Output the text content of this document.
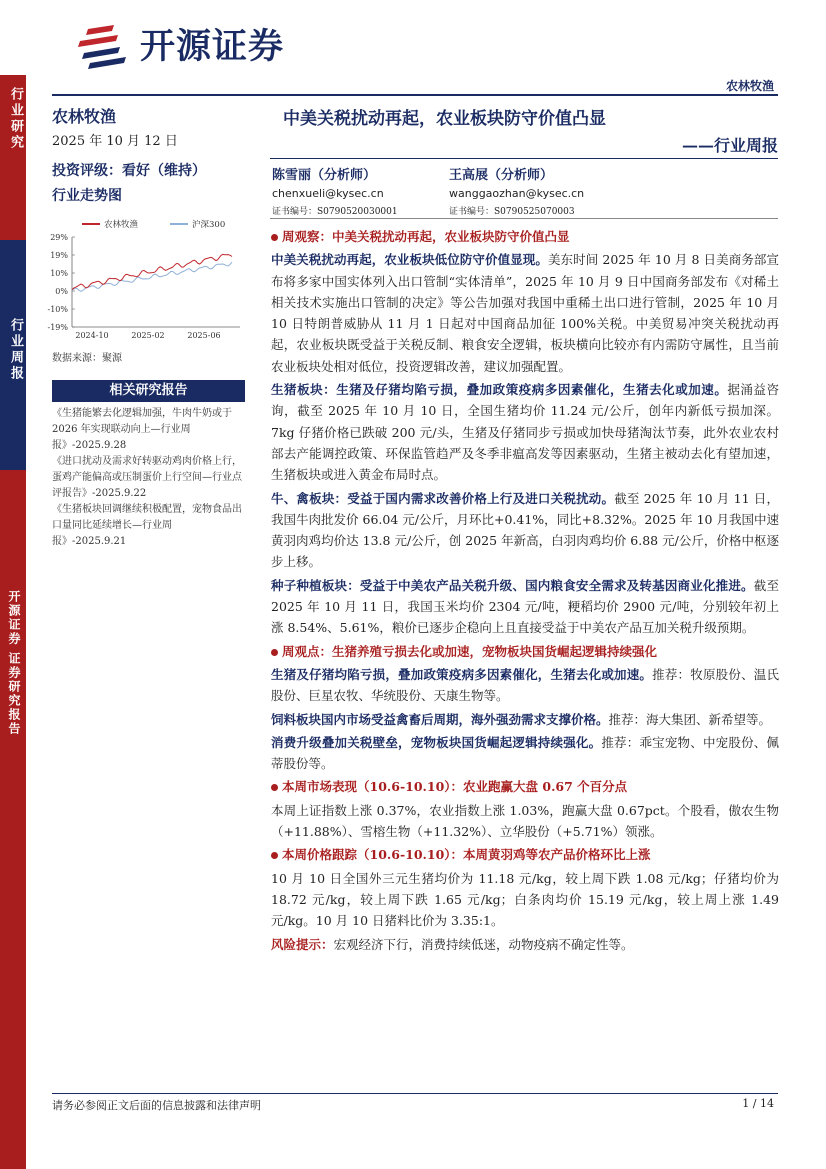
开源证券
农林牧渔
行业研究
行业周报
开源证券 证券研究报告
农林牧渔
2025 年 10 月 12 日
投资评级：看好（维持）
行业走势图
29%
19%
10%
0%
-10%
-19%
2024-10	2025-02	2025-06
农林牧渔	沪深300
数据来源：聚源
相关研究报告

《生猪能繁去化逻辑加强，牛肉牛奶或于 2026 年实现联动向上—行业周报》-2025.9.28

《进口扰动及需求好转驱动鸡肉价格上行，蛋鸡产能偏高或压制蛋价上行空间—行业点评报告》-2025.9.22

《生猪板块回调继续积极配置，宠物食品出口量同比延续增长—行业周报》-2025.9.21

中美关税扰动再起，农业板块防守价值凸显
——行业周报
陈雪丽（分析师）
chenxueli@kysec.cn
证书编号：S0790520030001
王高展（分析师）
wanggaozhan@kysec.cn
证书编号：S0790525070003

周观察：中美关税扰动再起，农业板块防守价值凸显

中美关税扰动再起，农业板块低位防守价值显现。美东时间 2025 年 10 月 8 日美商务部宣布将多家中国实体列入出口管制“实体清单”，2025 年 10 月 9 日中国商务部发布《对稀土相关技术实施出口管制的决定》等公告加强对我国中重稀土出口进行管制，2025 年 10 月 10 日特朗普威胁从 11 月 1 日起对中国商品加征 100%关税。中美贸易冲突关税扰动再起，农业板块既受益于关税反制、粮食安全逻辑，板块横向比较亦有内需防守属性，且当前农业板块处相对低位，投资逻辑改善，建议加强配置。

生猪板块：生猪及仔猪均陷亏损，叠加政策疫病多因素催化，生猪去化或加速。据涌益咨询，截至 2025 年 10 月 10 日，全国生猪均价 11.24 元/公斤，创年内新低亏损加深。7kg 仔猪价格已跌破 200 元/头，生猪及仔猪同步亏损或加快母猪淘汰节奏，此外农业农村部去产能调控政策、环保监管趋严及冬季非瘟高发等因素驱动，生猪主被动去化有望加速，生猪板块或进入黄金布局时点。

牛、禽板块：受益于国内需求改善价格上行及进口关税扰动。截至 2025 年 10 月 11 日，我国牛肉批发价 66.04 元/公斤，月环比+0.41%，同比+8.32%。2025 年 10 月我国中速黄羽肉鸡均价达 13.8 元/公斤，创 2025 年新高，白羽肉鸡均价 6.88 元/公斤，价格中枢逐步上移。

种子种植板块：受益于中美农产品关税升级、国内粮食安全需求及转基因商业化推进。截至 2025 年 10 月 11 日，我国玉米均价 2304 元/吨，粳稻均价 2900 元/吨，分别较年初上涨 8.54%、5.61%，粮价已逐步企稳向上且直接受益于中美农产品互加关税升级预期。

周观点：生猪养殖亏损去化或加速，宠物板块国货崛起逻辑持续强化

生猪及仔猪均陷亏损，叠加政策疫病多因素催化，生猪去化或加速。推荐：牧原股份、温氏股份、巨星农牧、华统股份、天康生物等。

饲料板块国内市场受益禽畜后周期，海外强劲需求支撑价格。推荐：海大集团、新希望等。

消费升级叠加关税壁垒，宠物板块国货崛起逻辑持续强化。推荐：乖宝宠物、中宠股份、佩蒂股份等。

本周市场表现（10.6-10.10）：农业跑赢大盘 0.67 个百分点

本周上证指数上涨 0.37%，农业指数上涨 1.03%，跑赢大盘 0.67pct。个股看，傲农生物（+11.88%）、雪榕生物（+11.32%）、立华股份（+5.71%）领涨。

本周价格跟踪（10.6-10.10）：本周黄羽鸡等农产品价格环比上涨

10 月 10 日全国外三元生猪均价为 11.18 元/kg，较上周下跌 1.08 元/kg；仔猪均价为 18.72 元/kg，较上周下跌 1.65 元/kg；白条肉均价 15.19 元/kg，较上周上涨 1.49 元/kg。10 月 10 日猪料比价为 3.35:1。

风险提示：宏观经济下行，消费持续低迷，动物疫病不确定性等。

请务必参阅正文后面的信息披露和法律声明	1 / 14
